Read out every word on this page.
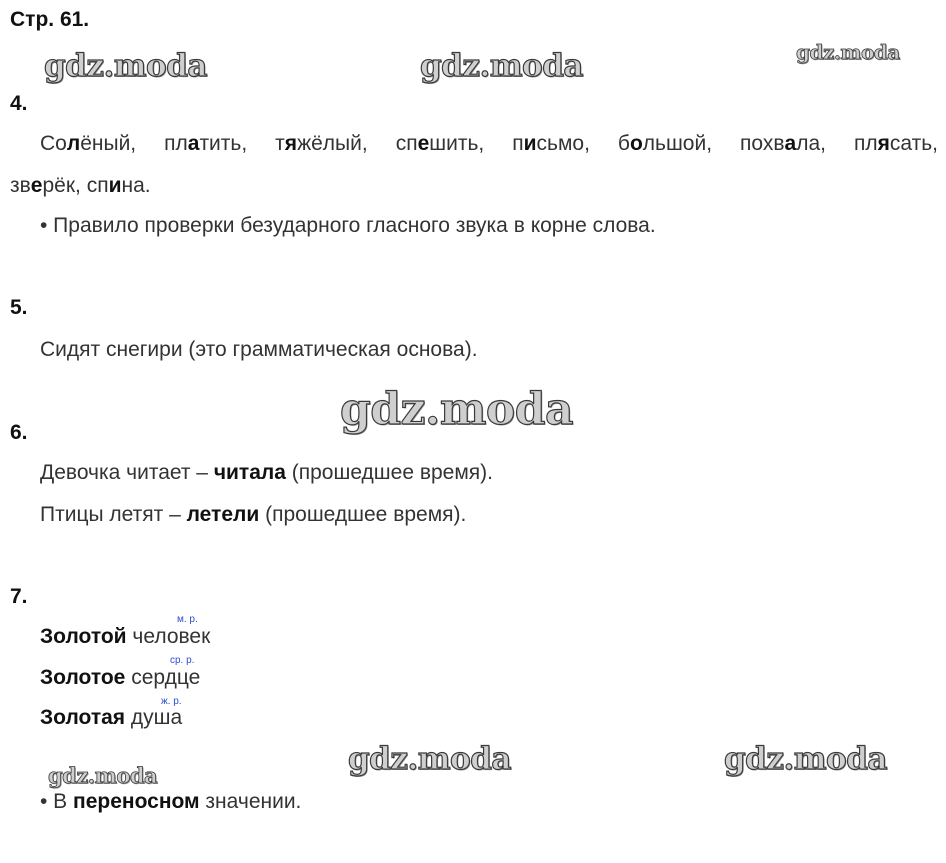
Стр. 61.
gdz.moda	gdz.moda	gdz.moda
gdz.moda
gdz.moda	gdz.moda
gdz.moda
4.
Солёный, платить, тяжёлый, спешить, письмо, большой, похвала, плясать,
зверёк, спина.
• Правило проверки безударного гласного звука в корне слова.
5.
Сидят снегири (это грамматическая основа).
6.
Девочка читает – читала (прошедшее время).
Птицы летят – летели (прошедшее время).
7.
м. р.
Золотой человек
ср. р.
Золотое сердце
ж. р.
Золотая душа
• В переносном значении.
